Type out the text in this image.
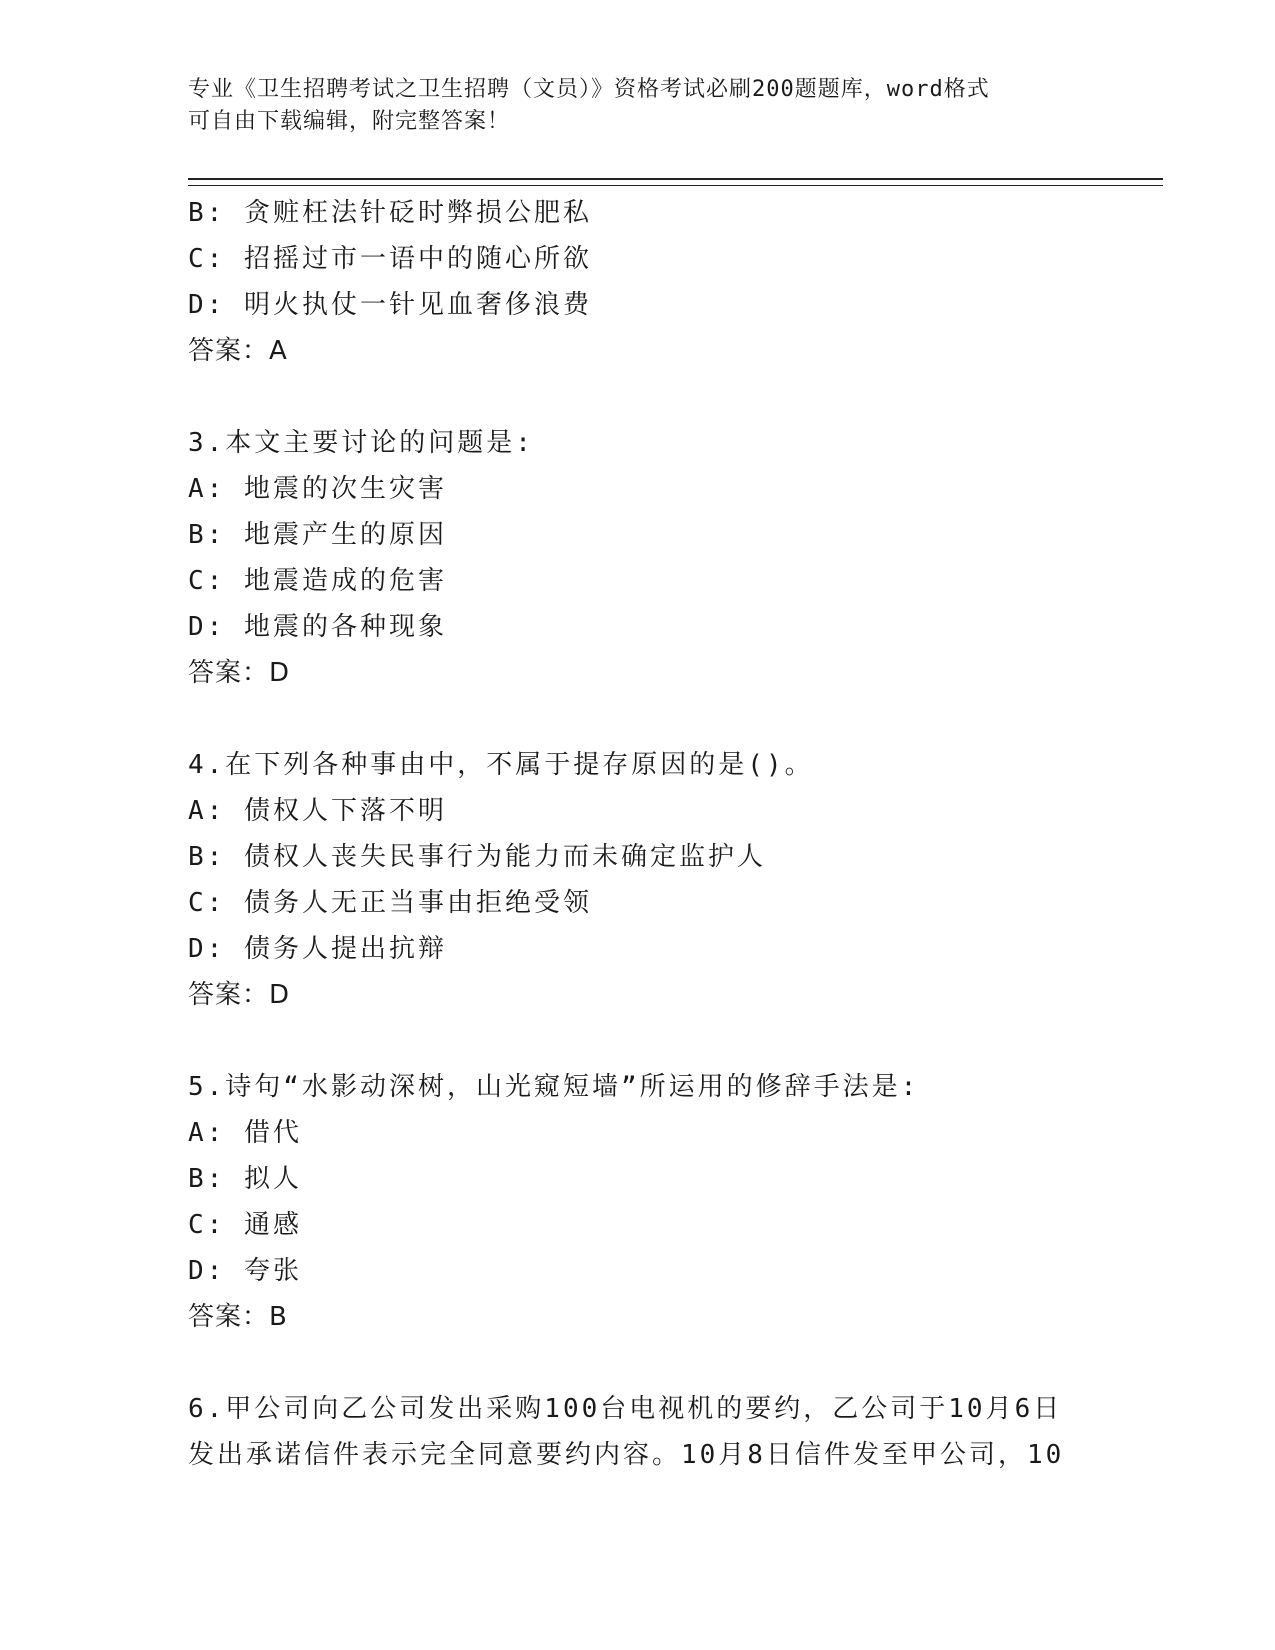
专业《卫生招聘考试之卫生招聘（文员）》资格考试必刷200题题库，word格式
可自由下载编辑，附完整答案！
B: 贪赃枉法针砭时弊损公肥私
C: 招摇过市一语中的随心所欲
D: 明火执仗一针见血奢侈浪费
答案：A
3.本文主要讨论的问题是:
A: 地震的次生灾害
B: 地震产生的原因
C: 地震造成的危害
D: 地震的各种现象
答案：D
4.在下列各种事由中，不属于提存原因的是()。
A: 债权人下落不明
B: 债权人丧失民事行为能力而未确定监护人
C: 债务人无正当事由拒绝受领
D: 债务人提出抗辩
答案：D
5.诗句“水影动深树，山光窥短墙”所运用的修辞手法是:
A: 借代
B: 拟人
C: 通感
D: 夸张
答案：B
6.甲公司向乙公司发出采购100台电视机的要约，乙公司于10月6日发出承诺信件表示完全同意要约内容。10月8日信件发至甲公司，10
